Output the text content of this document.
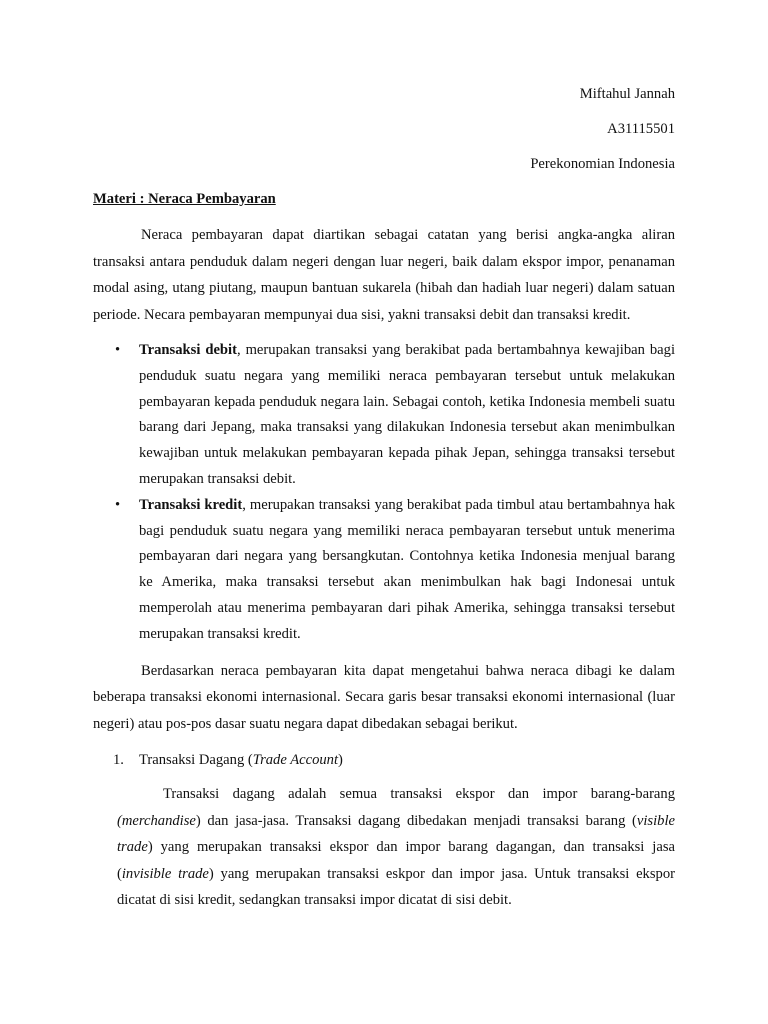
Miftahul Jannah
A31115501
Perekonomian Indonesia
Materi : Neraca Pembayaran

Neraca pembayaran dapat diartikan sebagai catatan yang berisi angka-angka aliran transaksi antara penduduk dalam negeri dengan luar negeri, baik dalam ekspor impor, penanaman modal asing, utang piutang, maupun bantuan sukarela (hibah dan hadiah luar negeri) dalam satuan periode. Necara pembayaran mempunyai dua sisi, yakni transaksi debit dan transaksi kredit.

• Transaksi debit, merupakan transaksi yang berakibat pada bertambahnya kewajiban bagi penduduk suatu negara yang memiliki neraca pembayaran tersebut untuk melakukan pembayaran kepada penduduk negara lain. Sebagai contoh, ketika Indonesia membeli suatu barang dari Jepang, maka transaksi yang dilakukan Indonesia tersebut akan menimbulkan kewajiban untuk melakukan pembayaran kepada pihak Jepan, sehingga transaksi tersebut merupakan transaksi debit.
• Transaksi kredit, merupakan transaksi yang berakibat pada timbul atau bertambahnya hak bagi penduduk suatu negara yang memiliki neraca pembayaran tersebut untuk menerima pembayaran dari negara yang bersangkutan. Contohnya ketika Indonesia menjual barang ke Amerika, maka transaksi tersebut akan menimbulkan hak bagi Indonesai untuk memperolah atau menerima pembayaran dari pihak Amerika, sehingga transaksi tersebut merupakan transaksi kredit.

Berdasarkan neraca pembayaran kita dapat mengetahui bahwa neraca dibagi ke dalam beberapa transaksi ekonomi internasional. Secara garis besar transaksi ekonomi internasional (luar negeri) atau pos-pos dasar suatu negara dapat dibedakan sebagai berikut.

1. Transaksi Dagang (Trade Account)
Transaksi dagang adalah semua transaksi ekspor dan impor barang-barang (merchandise) dan jasa-jasa. Transaksi dagang dibedakan menjadi transaksi barang (visible trade) yang merupakan transaksi ekspor dan impor barang dagangan, dan transaksi jasa (invisible trade) yang merupakan transaksi eskpor dan impor jasa. Untuk transaksi ekspor dicatat di sisi kredit, sedangkan transaksi impor dicatat di sisi debit.
